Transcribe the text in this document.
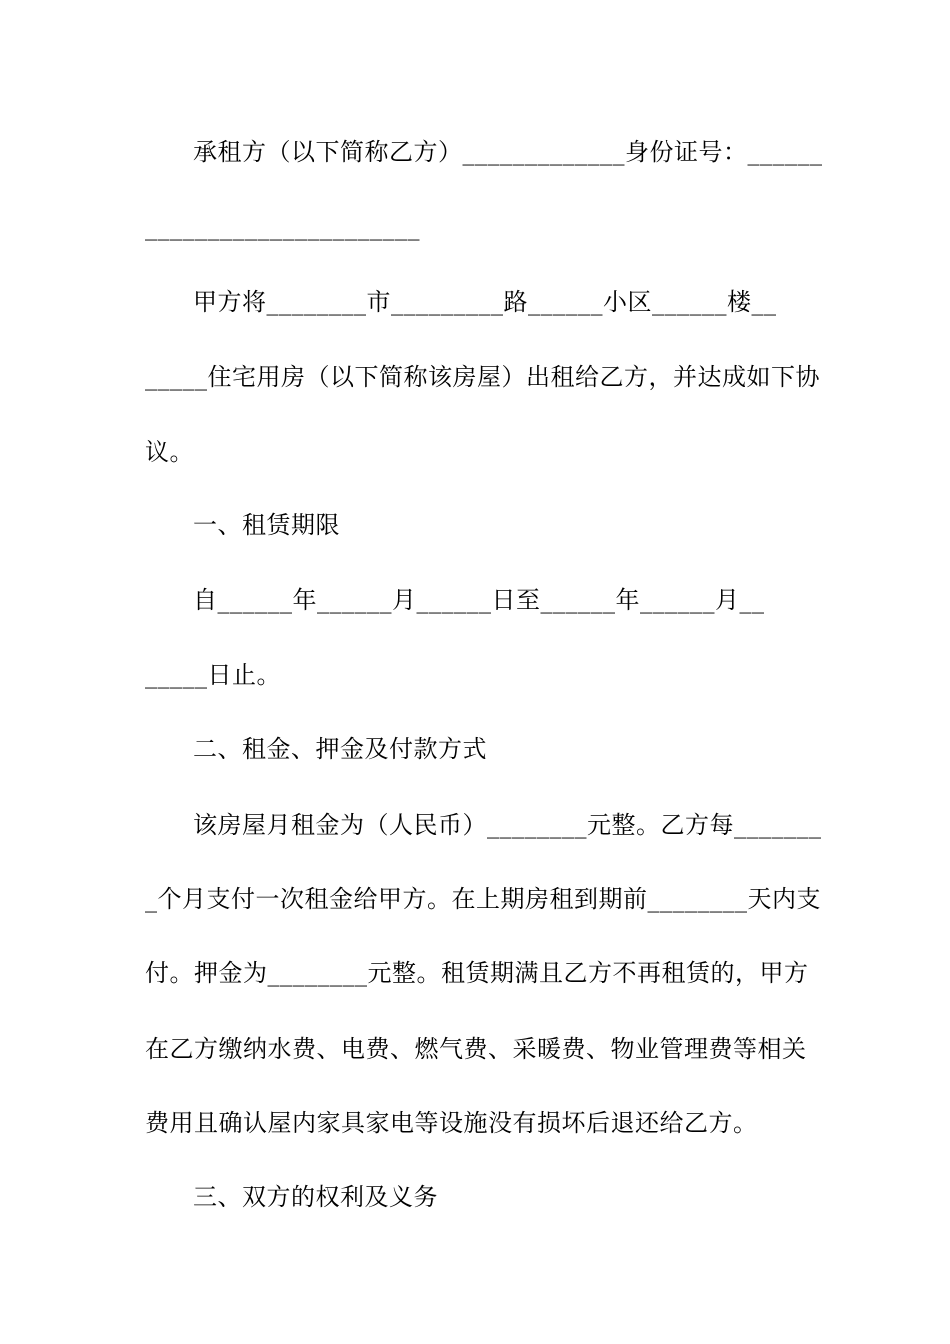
承租方（以下简称乙方）_____________身份证号：______
______________________
甲方将________市_________路______小区______楼__
_____住宅用房（以下简称该房屋）出租给乙方，并达成如下协
议。
一、租赁期限
自______年______月______日至______年______月__
_____日止。
二、租金、押金及付款方式
该房屋月租金为（人民币）________元整。乙方每_______
_个月支付一次租金给甲方。在上期房租到期前________天内支
付。押金为________元整。租赁期满且乙方不再租赁的，甲方
在乙方缴纳水费、电费、燃气费、采暖费、物业管理费等相关
费用且确认屋内家具家电等设施没有损坏后退还给乙方。
三、双方的权利及义务
